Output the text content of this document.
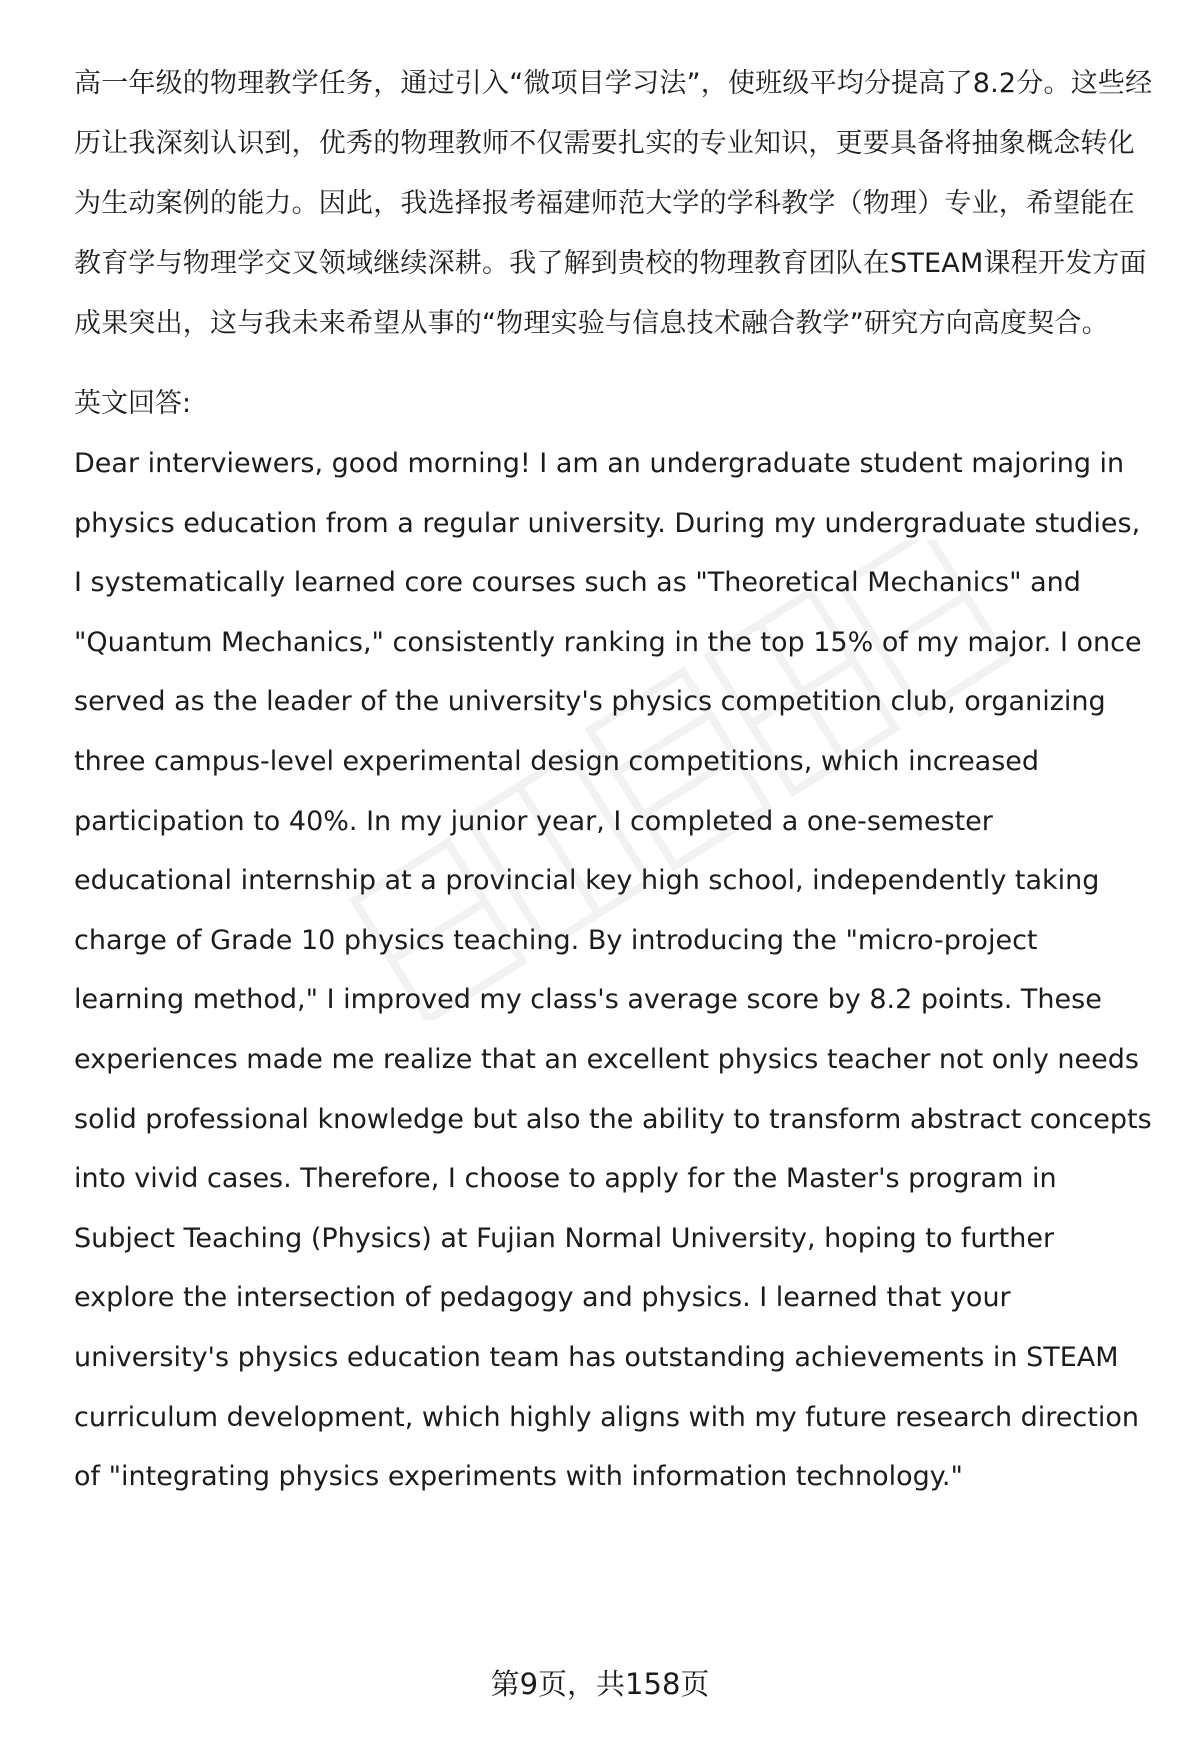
高一年级的物理教学任务，通过引入“微项目学习法”，使班级平均分提高了8.2分。这些经历让我深刻认识到，优秀的物理教师不仅需要扎实的专业知识，更要具备将抽象概念转化为生动案例的能力。因此，我选择报考福建师范大学的学科教学（物理）专业，希望能在教育学与物理学交叉领域继续深耕。我了解到贵校的物理教育团队在STEAM课程开发方面成果突出，这与我未来希望从事的“物理实验与信息技术融合教学”研究方向高度契合。

英文回答:

Dear interviewers, good morning! I am an undergraduate student majoring in physics education from a regular university. During my undergraduate studies, I systematically learned core courses such as "Theoretical Mechanics" and "Quantum Mechanics," consistently ranking in the top 15% of my major. I once served as the leader of the university's physics competition club, organizing three campus-level experimental design competitions, which increased participation to 40%. In my junior year, I completed a one-semester educational internship at a provincial key high school, independently taking charge of Grade 10 physics teaching. By introducing the "micro-project learning method," I improved my class's average score by 8.2 points. These experiences made me realize that an excellent physics teacher not only needs solid professional knowledge but also the ability to transform abstract concepts into vivid cases. Therefore, I choose to apply for the Master's program in Subject Teaching (Physics) at Fujian Normal University, hoping to further explore the intersection of pedagogy and physics. I learned that your university's physics education team has outstanding achievements in STEAM curriculum development, which highly aligns with my future research direction of "integrating physics experiments with information technology."

第9页，共158页
